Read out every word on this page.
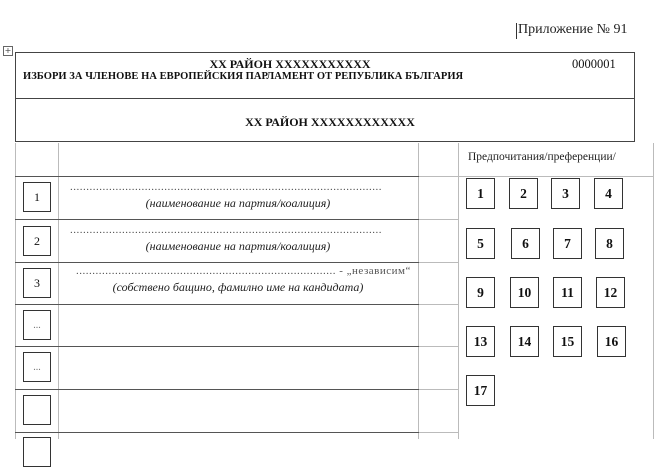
Приложение № 91
+
XX РАЙОН XXXXXXXXXXX
ИЗБОРИ ЗА ЧЛЕНОВЕ НА ЕВРОПЕЙСКИЯ ПАРЛАМЕНТ ОТ РЕПУБЛИКА БЪЛГАРИЯ
0000001
XX РАЙОН XXXXXXXXXXXX
1
................................................................................................
(наименование на партия/коалиция)
2
................................................................................................
(наименование на партия/коалиция)
3
................................................................................ - „независим“
(собствено бащино, фамилно име на кандидата)
...
...
Предпочитания/преференции/
1	2	3	4
5	6	7	8
9	10 11 12
13 14 15 16
17
